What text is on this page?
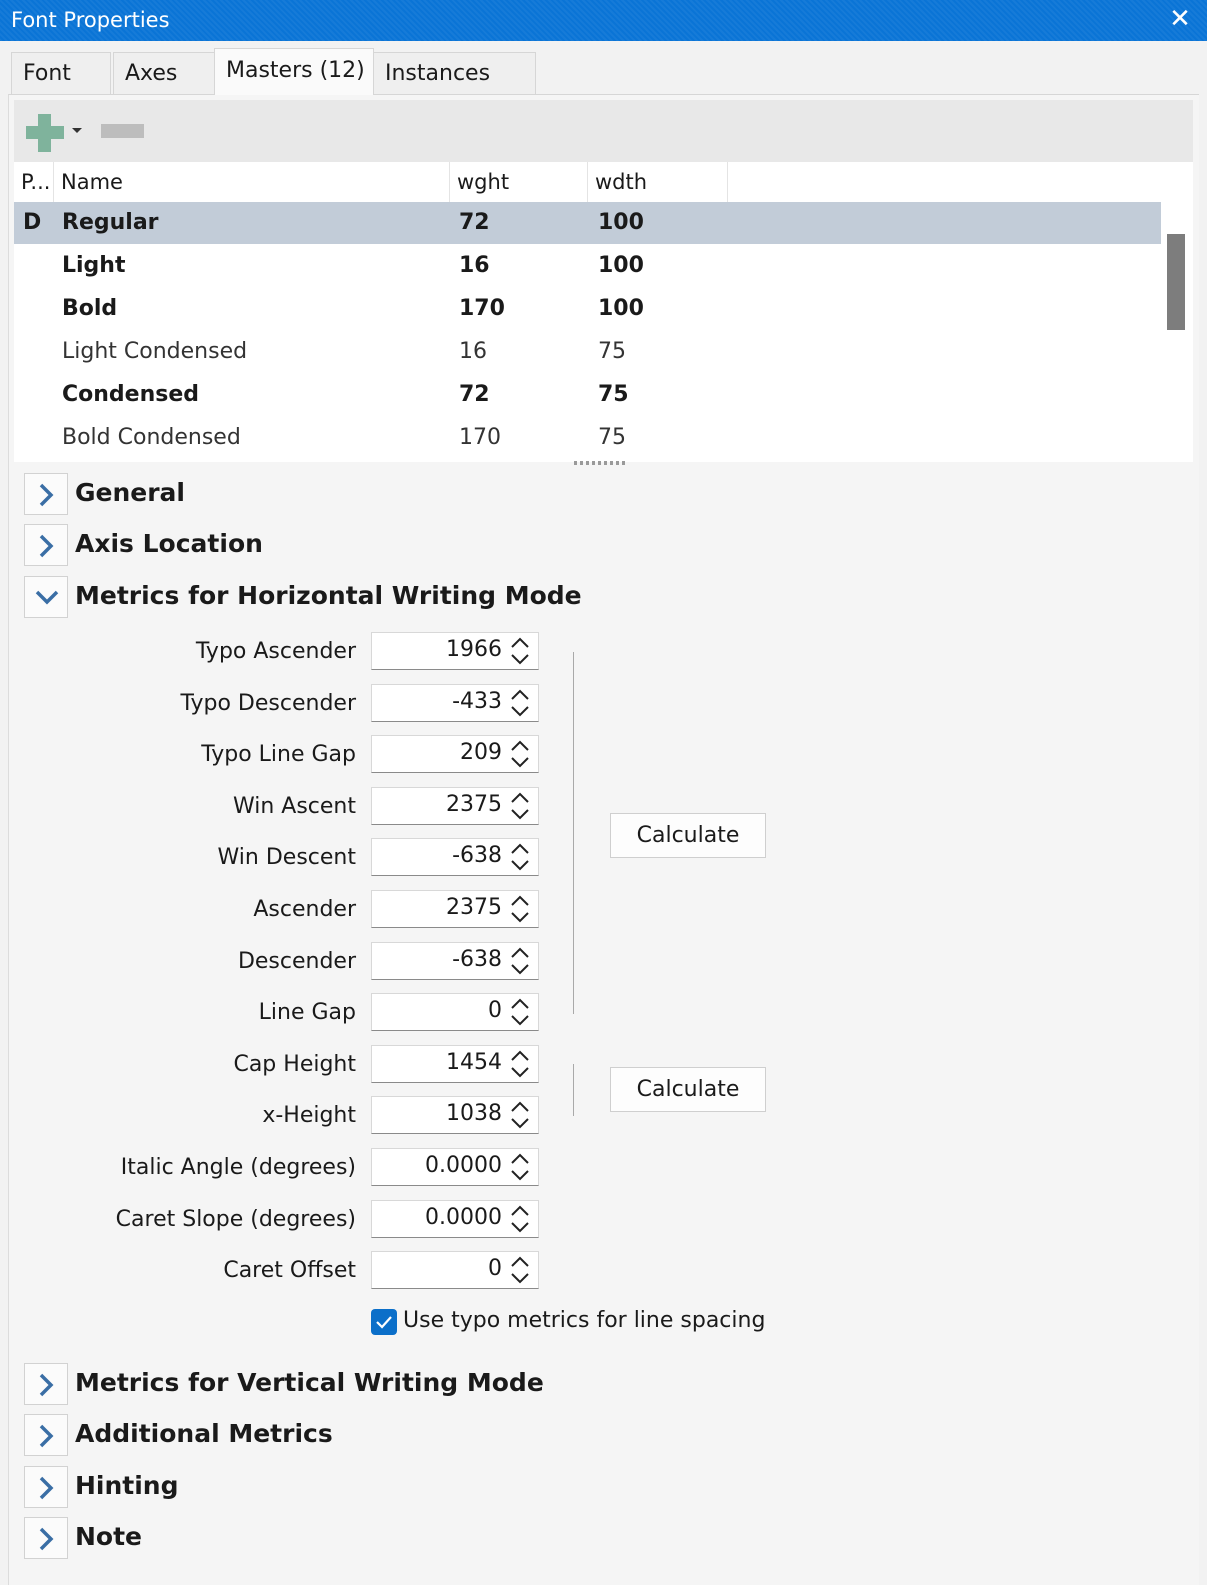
Font Properties	✕
Font	Axes	Masters (12) Instances
P... Name	wght	wdth
D Regular	72	100
Light	16	100
Bold	170	100
Light Condensed	16	75
Condensed	72	75
Bold Condensed	170	75
General
Axis Location
Metrics for Horizontal Writing Mode
Typo Ascender	1966
Typo Descender	-433
Typo Line Gap	209
Win Ascent	2375
Win Descent	-638
Ascender	2375
Descender	-638
Line Gap	0
Cap Height	1454
x-Height	1038
Italic Angle (degrees)	0.0000
Caret Slope (degrees)	0.0000
Caret Offset	0
Calculate
Calculate
Use typo metrics for line spacing
Metrics for Vertical Writing Mode
Additional Metrics
Hinting
Note
